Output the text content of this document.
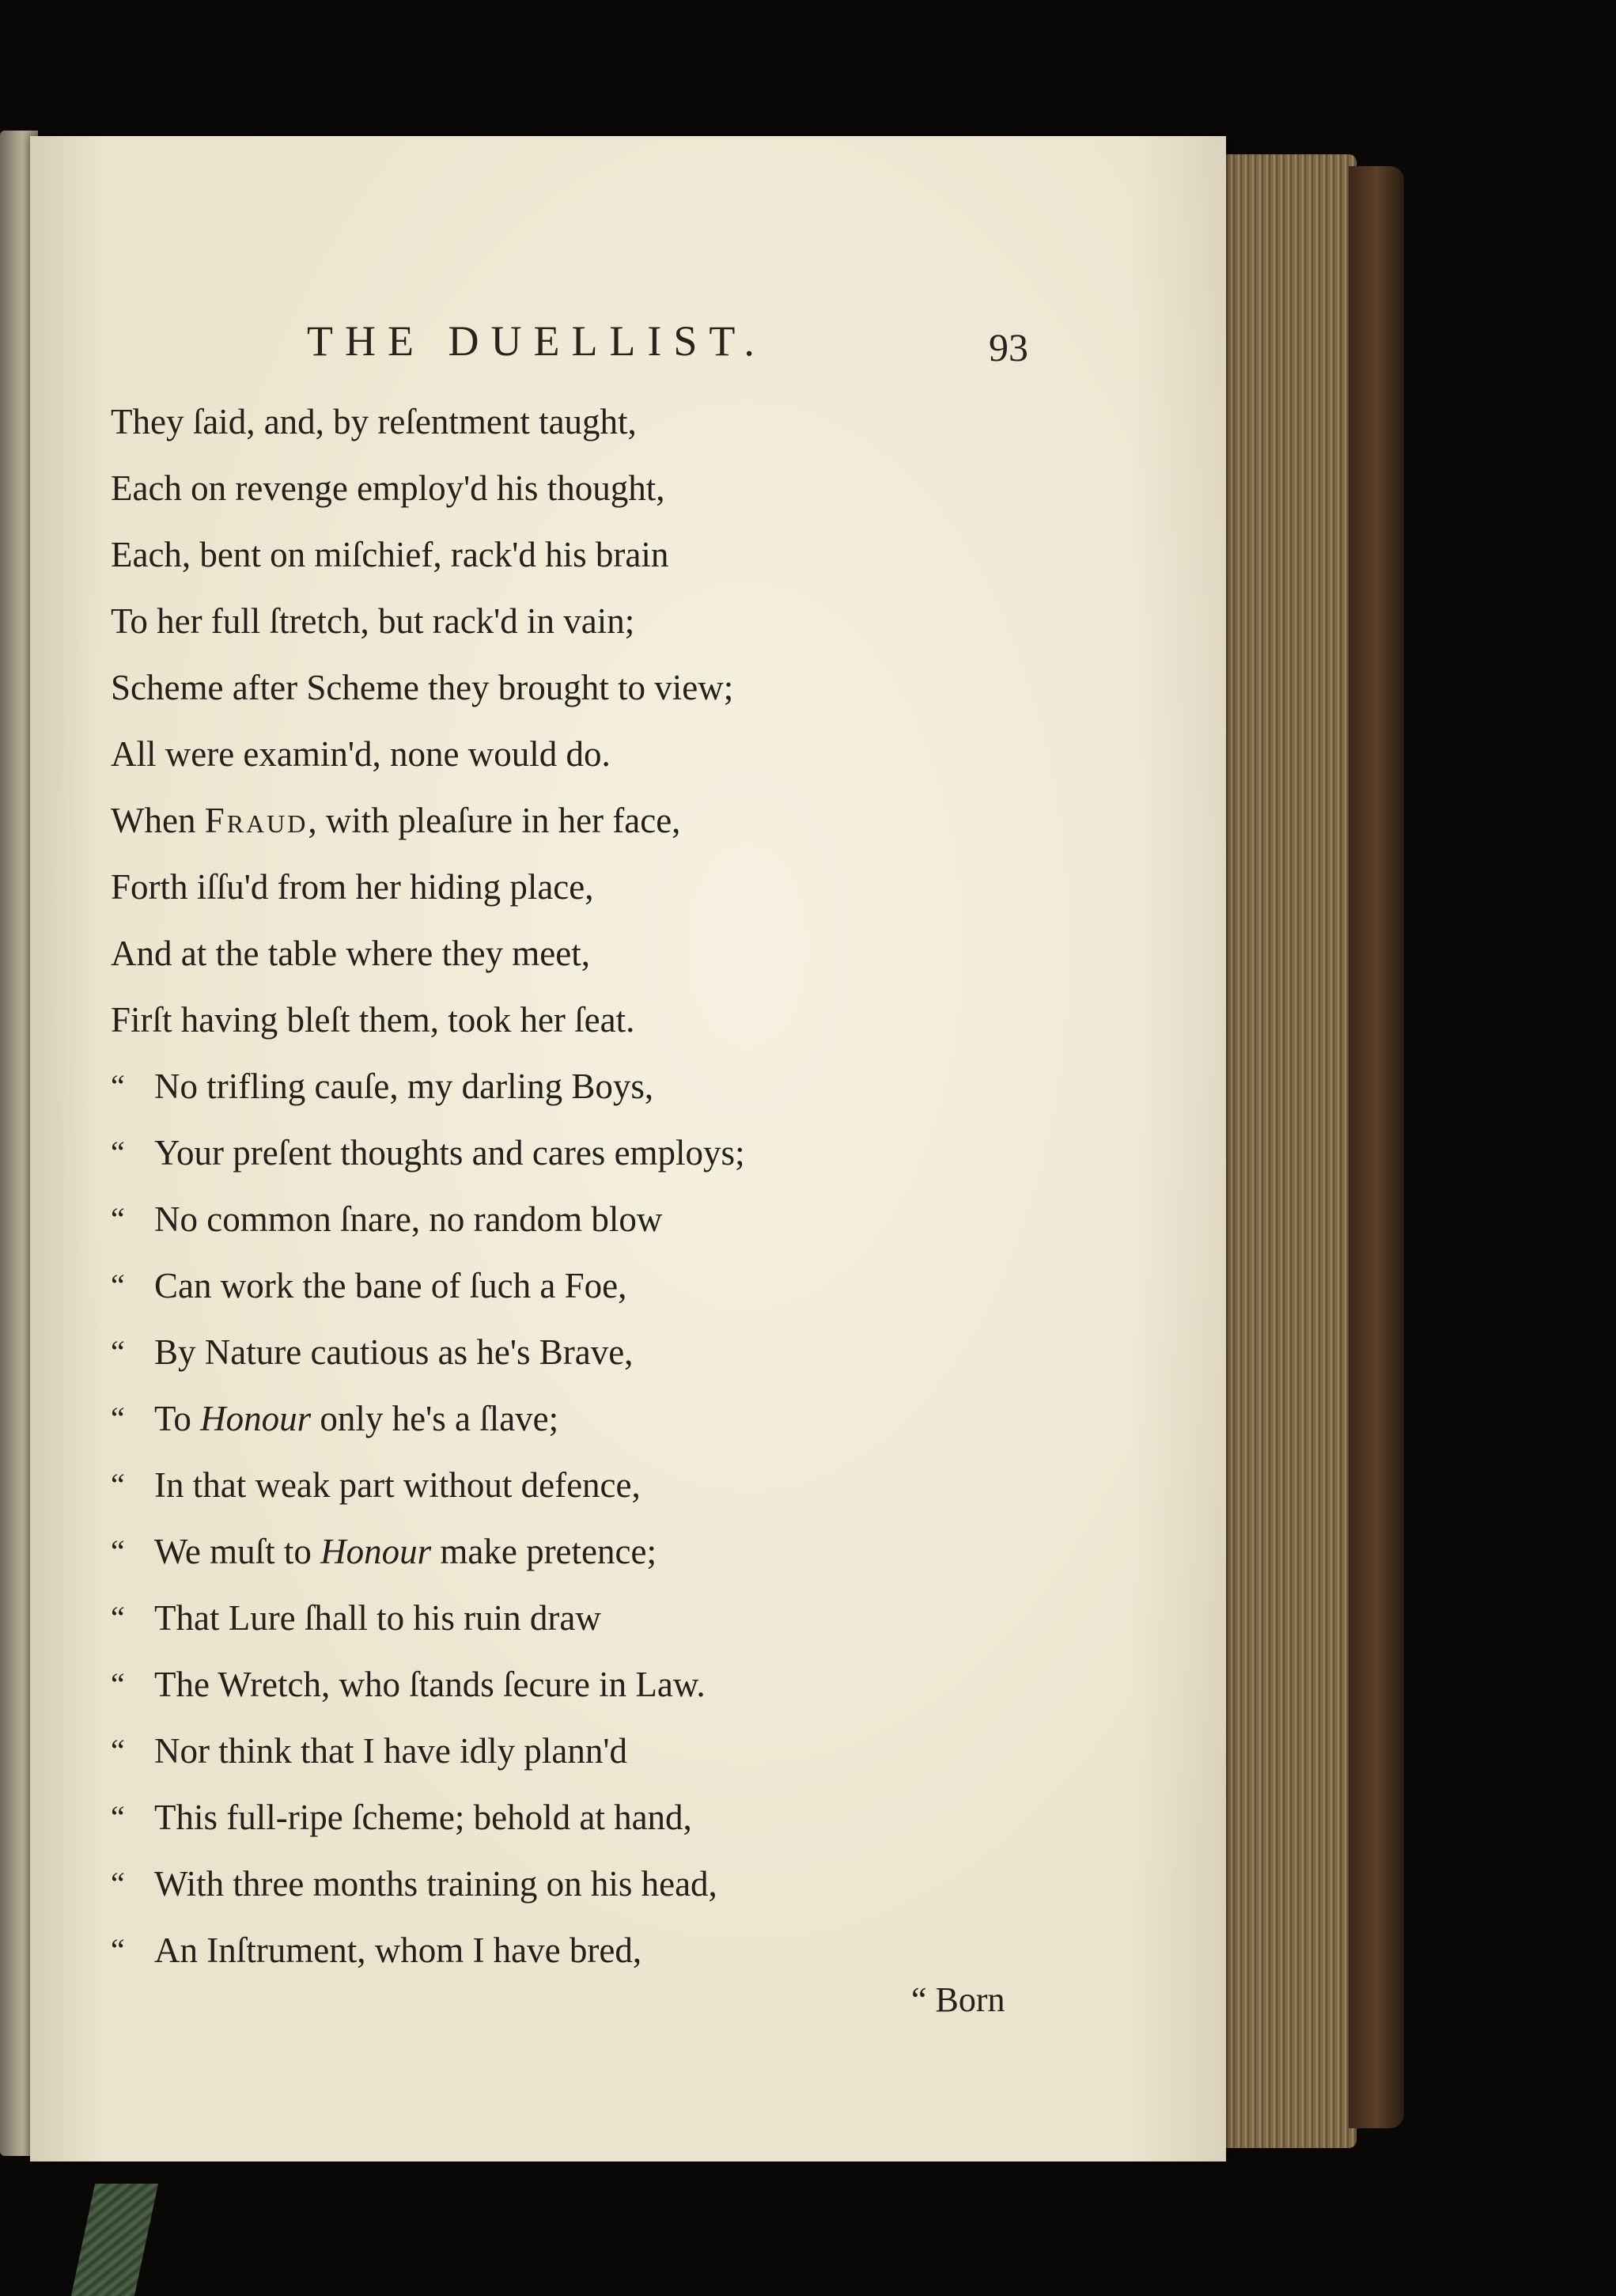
THE DUELLIST.	93
They ſaid, and, by reſentment taught,
Each on revenge employ'd his thought,
Each, bent on miſchief, rack'd his brain
To her full ſtretch, but rack'd in vain;
Scheme after Scheme they brought to view;
All were examin'd, none would do.
When Fraud, with pleaſure in her face,
Forth iſſu'd from her hiding place,
And at the table where they meet,
Firſt having bleſt them, took her ſeat.
“ No trifling cauſe, my darling Boys,
“ Your preſent thoughts and cares employs;
“ No common ſnare, no random blow
“ Can work the bane of ſuch a Foe,
“ By Nature cautious as he's Brave,
“ To Honour only he's a ſlave;
“ In that weak part without defence,
“ We muſt to Honour make pretence;
“ That Lure ſhall to his ruin draw
“ The Wretch, who ſtands ſecure in Law.
“ Nor think that I have idly plann'd
“ This full-ripe ſcheme; behold at hand,
“ With three months training on his head,
“ An Inſtrument, whom I have bred,
“ Born
